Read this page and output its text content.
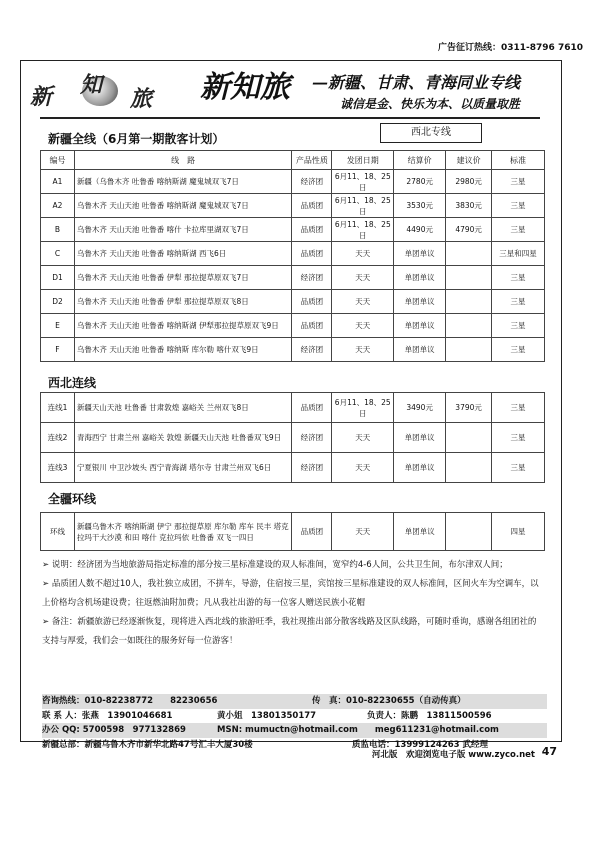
广告征订热线：0311-8796 7610
新 知
旅 新知旅 —新疆、甘肃、青海同业专线
诚信是金、快乐为本、以质量取胜
西北专线
新疆全线（6月第一期散客计划）
编号	线　路	产品性质	发团日期	结算价	建议价	标准
A1	新疆（乌鲁木齐 吐鲁番 喀纳斯湖 魔鬼城双飞7日	经济团	6月11、18、25日	2780元	2980元	三星
A2	乌鲁木齐 天山天池 吐鲁番 喀纳斯湖 魔鬼城双飞7日	品质团	6月11、18、25日	3530元	3830元	三星
B	乌鲁木齐 天山天池 吐鲁番 喀什 卡拉库里湖双飞7日	品质团	6月11、18、25日	4490元	4790元	三星
C	乌鲁木齐 天山天池 吐鲁番 喀纳斯湖 西飞6日	品质团	天天	单团单议		三星和四星
D1	乌鲁木齐 天山天池 吐鲁番 伊犁 那拉提草原双飞7日	经济团	天天	单团单议		三星
D2	乌鲁木齐 天山天池 吐鲁番 伊犁 那拉提草原双飞8日	品质团	天天	单团单议		三星
E	乌鲁木齐 天山天池 吐鲁番 喀纳斯湖 伊犁那拉提草原双飞9日	品质团	天天	单团单议		三星
F	乌鲁木齐 天山天池 吐鲁番 喀纳斯 库尔勒 喀什双飞9日	经济团	天天	单团单议		三星
西北连线
连线1	新疆天山天池 吐鲁番 甘肃敦煌 嘉峪关 兰州双飞8日	品质团	6月11、18、25日	3490元	3790元	三星
连线2	青海西宁 甘肃兰州 嘉峪关 敦煌 新疆天山天池 吐鲁番双飞9日	经济团	天天	单团单议		三星
连线3	宁夏银川 中卫沙坡头 西宁青海湖 塔尔寺 甘肃兰州双飞6日	经济团	天天	单团单议		三星
全疆环线
环线	新疆乌鲁木齐 喀纳斯湖 伊宁 那拉提草原 库尔勒 库车 民丰 塔克拉玛干大沙漠 和田 喀什 克拉玛依 吐鲁番 双飞一四日	品质团	天天	单团单议		四星

➢ 说明：经济团为当地旅游局指定标准的部分按三星标准建设的双人标准间，宽窄约4-6人间，公共卫生间，布尔津双人间；

➢ 品质团人数不超过10人，我社独立成团，不拼车，导游，住宿按三星，宾馆按三星标准建设的双人标准间，区间火车为空调车，以上价格均含机场建设费；往返燃油附加费；凡从我社出游的每一位客人赠送民族小花帽

➢ 备注：新疆旅游已经逐渐恢复，现将进入西北线的旅游旺季，我社现推出部分散客线路及区队线路，可随时垂询，感谢各组团社的支持与厚爱，我们会一如既往的服务好每一位游客！

咨询热线：010-82238772　　82230656	传　真：010-82230655（自动传真）
联 系 人：张燕　13901046681	黄小姐　13801350177	负责人：陈鹏　13811500596
办公 QQ: 5700598　977132869	MSN: mumuctn@hotmail.com　　meg611231@hotmail.com
新疆总部：新疆乌鲁木齐市新华北路47号汇丰大厦30楼	质监电话：13999124263 武经理
河北版　欢迎浏览电子版 www.zyco.net 47
